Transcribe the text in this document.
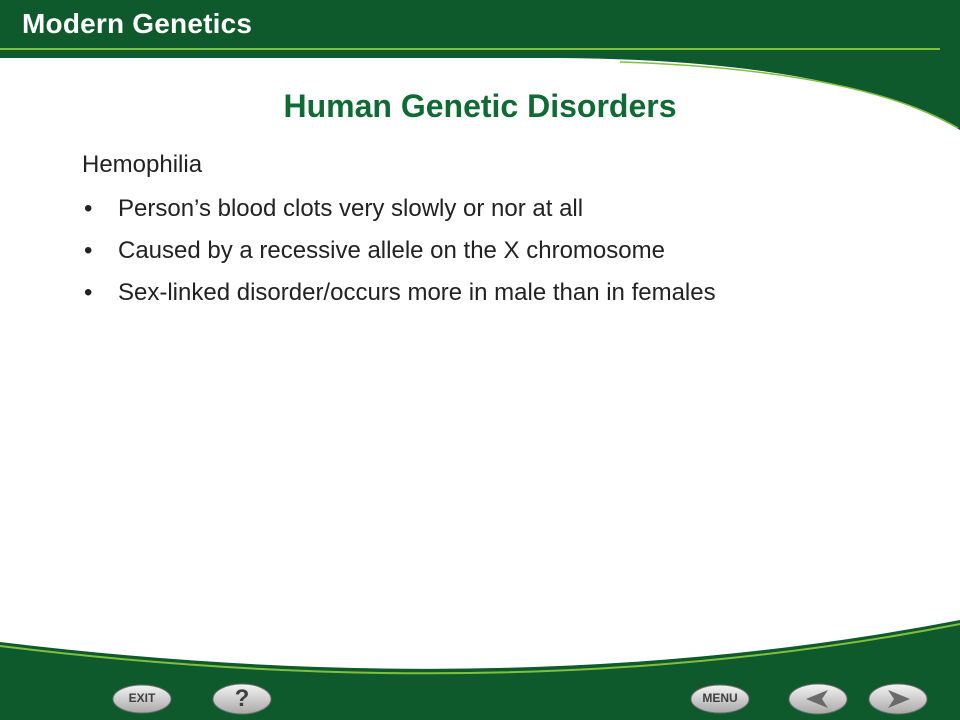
Modern Genetics
Human Genetic Disorders
Hemophilia
• Person’s blood clots very slowly or nor at all
• Caused by a recessive allele on the X chromosome
• Sex-linked disorder/occurs more in male than in females
EXIT	?	MENU
